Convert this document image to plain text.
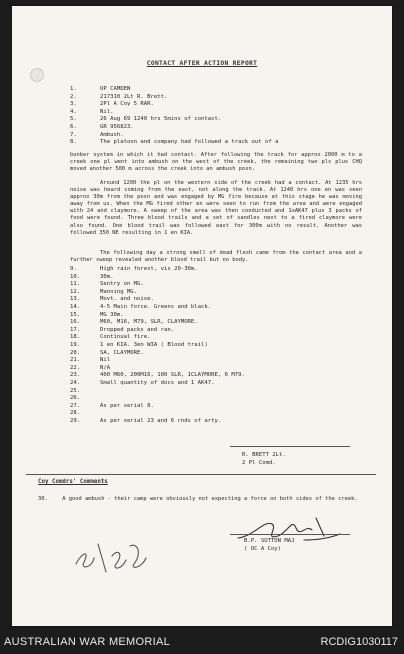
CONTACT AFTER ACTION REPORT
1.	OP CAMDEN
2.	217310 2Lt R. Brett.
3.	2Pl A Coy 5 RAR.
4.	Nil.
5.	26 Aug 69 1240 hrs 5mins of contact.
6.	GR 956823.
7.	Ambush.
8.	The platoon and company had followed a track out of a
bunker system in which it had contact. After following the track for approx 2000 m to a creek one pl went into ambush on the west of the creek, the remaining two pls plus CHQ moved another 500 m across the creek into an ambush posn.
Around 1200 the pl on the western side of the creek had a contact. At 1235 hrs noise was heard coming from the east, not along the track. At 1240 hrs one en was seen approx 30m from the posn and was engaged by MG fire because at this stage he was moving away from us. When the MG fired other en were seen to run from the area and were engaged with 24 and claymore. A sweep of the area was then conducted and 1xAK47 plus 3 packs of food were found. Three blood trails and a set of sandles next to a fired claymore were also found. One blood trail was followed east for 300m with no result. Another was followed 350 NE resulting in 1 en KIA.
The following day a strong smell of dead flesh came from the contact area and a further sweep revealed another blood trail but no body.
9.	High rain forest, vis 20-30m.
10.	30m.
11.	Sentry on MG.
12.	Manning MG.
13.	Movt. and noise.
14.	4-5 Main force. Greens and black.
15.	MG 30m.
16.	M60, M16, M79, SLR, CLAYMORE.
17.	Dropped packs and ran.
18.	Continual fire.
19.	1 en KIA. 3en WIA ( Blood trail)
20.	SA, CLAYMORE.
21.	Nil
22.	N/A
23.	400 M60, 200M16, 100 SLR, 1CLAYMORE, 6 M79.
24.	Small quantity of docs and 1 AK47.
25.
26.
27.	As per serial 8.
28.
29.	As per serial 23 and 6 rnds of arty.
R. BRETT 2Lt.
2 Pl Comd.
Coy Comdrs' Comments
30.	A good ambush - their camp were obviously not expecting a force on both sides of the creek.
B.P. SUTTON MAJ
( OC A Coy)
AUSTRALIAN WAR MEMORIAL	RCDIG1030117
